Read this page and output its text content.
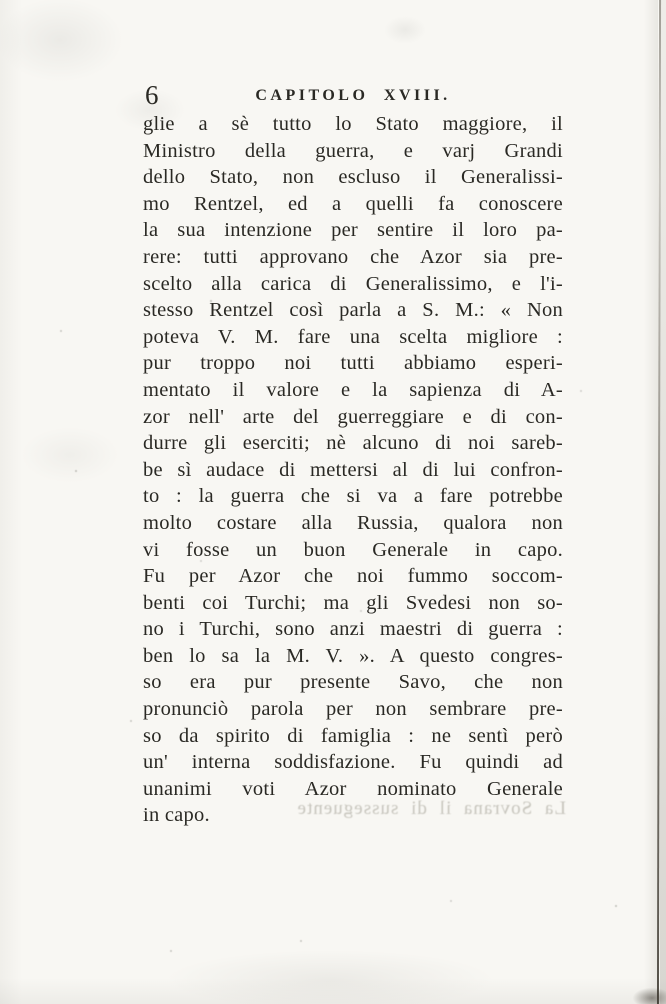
6	CAPITOLO XVIII.
glie a sè tutto lo Stato maggiore, il
Ministro della guerra, e varj Grandi
dello Stato, non escluso il Generalissi-
mo Rentzel, ed a quelli fa conoscere
la sua intenzione per sentire il loro pa-
rere: tutti approvano che Azor sia pre-
scelto alla carica di Generalissimo, e l'i-
stesso Rentzel così parla a S. M.: « Non
poteva V. M. fare una scelta migliore :
pur troppo noi tutti abbiamo esperi-
mentato il valore e la sapienza di A-
zor nell' arte del guerreggiare e di con-
durre gli eserciti; nè alcuno di noi sareb-
be sì audace di mettersi al di lui confron-
to : la guerra che si va a fare potrebbe
molto costare alla Russia, qualora non
vi fosse un buon Generale in capo.
Fu per Azor che noi fummo soccom-
benti coi Turchi; ma gli Svedesi non so-
no i Turchi, sono anzi maestri di guerra :
ben lo sa la M. V. ». A questo congres-
so era pur presente Savo, che non
pronunciò parola per non sembrare pre-
so da spirito di famiglia : ne sentì però
un' interna soddisfazione. Fu quindi ad
unanimi voti Azor nominato Generale
in capo.	La Sovrana il di susseguente
